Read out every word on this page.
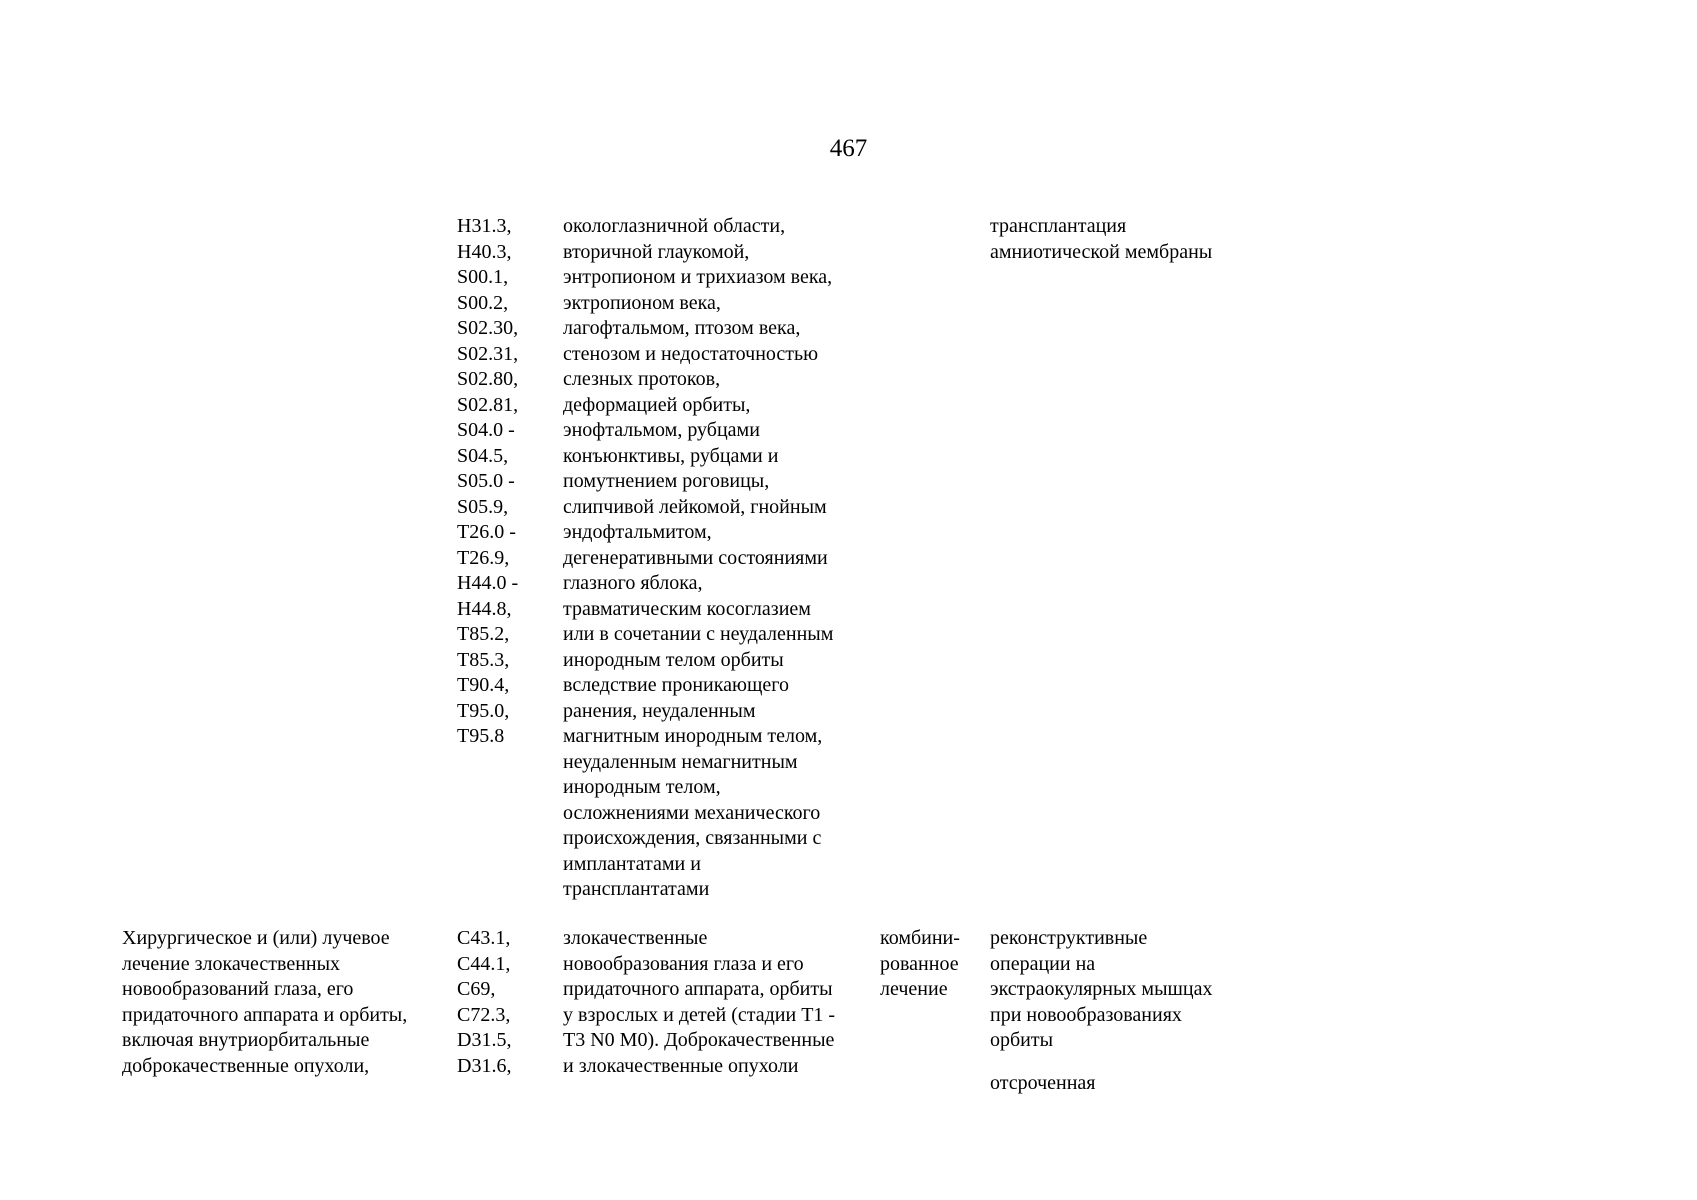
467
H31.3,
H40.3,
S00.1,
S00.2,
S02.30,
S02.31,
S02.80,
S02.81,
S04.0 -
S04.5,
S05.0 -
S05.9,
T26.0 -
T26.9,
H44.0 -
H44.8,
T85.2,
T85.3,
T90.4,
T95.0,
T95.8
окологлазничной области,
вторичной глаукомой,
энтропионом и трихиазом века,
эктропионом века,
лагофтальмом, птозом века,
стенозом и недостаточностью
слезных протоков,
деформацией орбиты,
энофтальмом, рубцами
конъюнктивы, рубцами и
помутнением роговицы,
слипчивой лейкомой, гнойным
эндофтальмитом,
дегенеративными состояниями
глазного яблока,
травматическим косоглазием
или в сочетании с неудаленным
инородным телом орбиты
вследствие проникающего
ранения, неудаленным
магнитным инородным телом,
неудаленным немагнитным
инородным телом,
осложнениями механического
происхождения, связанными с
имплантатами и
трансплантатами
трансплантация
амниотической мембраны
Хирургическое и (или) лучевое
лечение злокачественных
новообразований глаза, его
придаточного аппарата и орбиты,
включая внутриорбитальные
доброкачественные опухоли,
C43.1,
C44.1,
C69,
C72.3,
D31.5,
D31.6,
злокачественные
новообразования глаза и его
придаточного аппарата, орбиты
у взрослых и детей (стадии T1 -
T3 N0 M0). Доброкачественные
и злокачественные опухоли
комбини-
рованное
лечение
реконструктивные
операции на
экстраокулярных мышцах
при новообразованиях
орбиты
отсроченная
